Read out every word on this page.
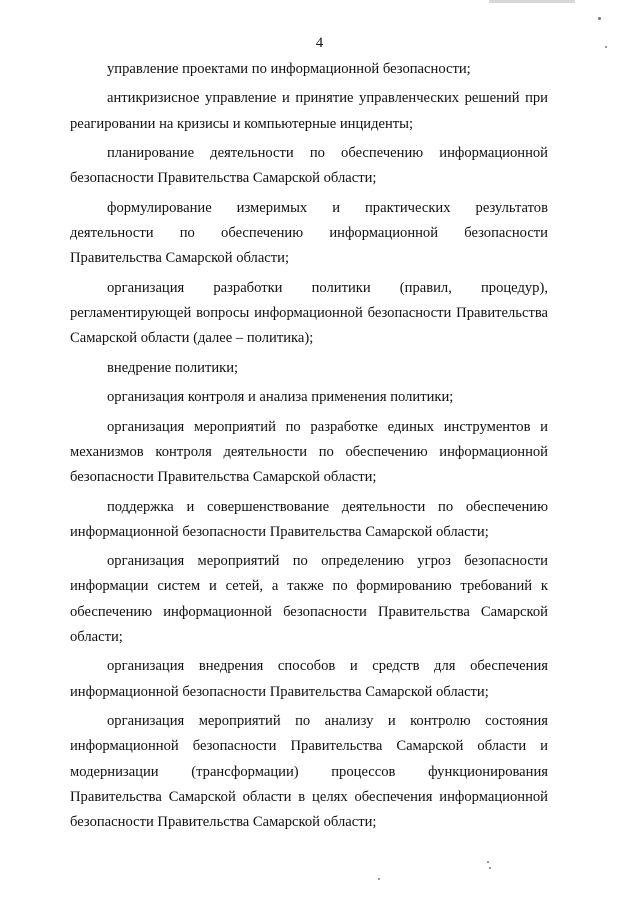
4

управление проектами по информационной безопасности;

антикризисное управление и принятие управленческих решений при реагировании на кризисы и компьютерные инциденты;

планирование деятельности по обеспечению информационной безопасности Правительства Самарской области;

формулирование измеримых и практических результатов деятельности по обеспечению информационной безопасности Правительства Самарской области;

организация разработки политики (правил, процедур), регламентирующей вопросы информационной безопасности Правительства Самарской области (далее – политика);

внедрение политики;

организация контроля и анализа применения политики;

организация мероприятий по разработке единых инструментов и механизмов контроля деятельности по обеспечению информационной безопасности Правительства Самарской области;

поддержка и совершенствование деятельности по обеспечению информационной безопасности Правительства Самарской области;

организация мероприятий по определению угроз безопасности информации систем и сетей, а также по формированию требований к обеспечению информационной безопасности Правительства Самарской области;

организация внедрения способов и средств для обеспечения информационной безопасности Правительства Самарской области;

организация мероприятий по анализу и контролю состояния информационной безопасности Правительства Самарской области и модернизации (трансформации) процессов функционирования Правительства Самарской области в целях обеспечения информационной безопасности Правительства Самарской области;
